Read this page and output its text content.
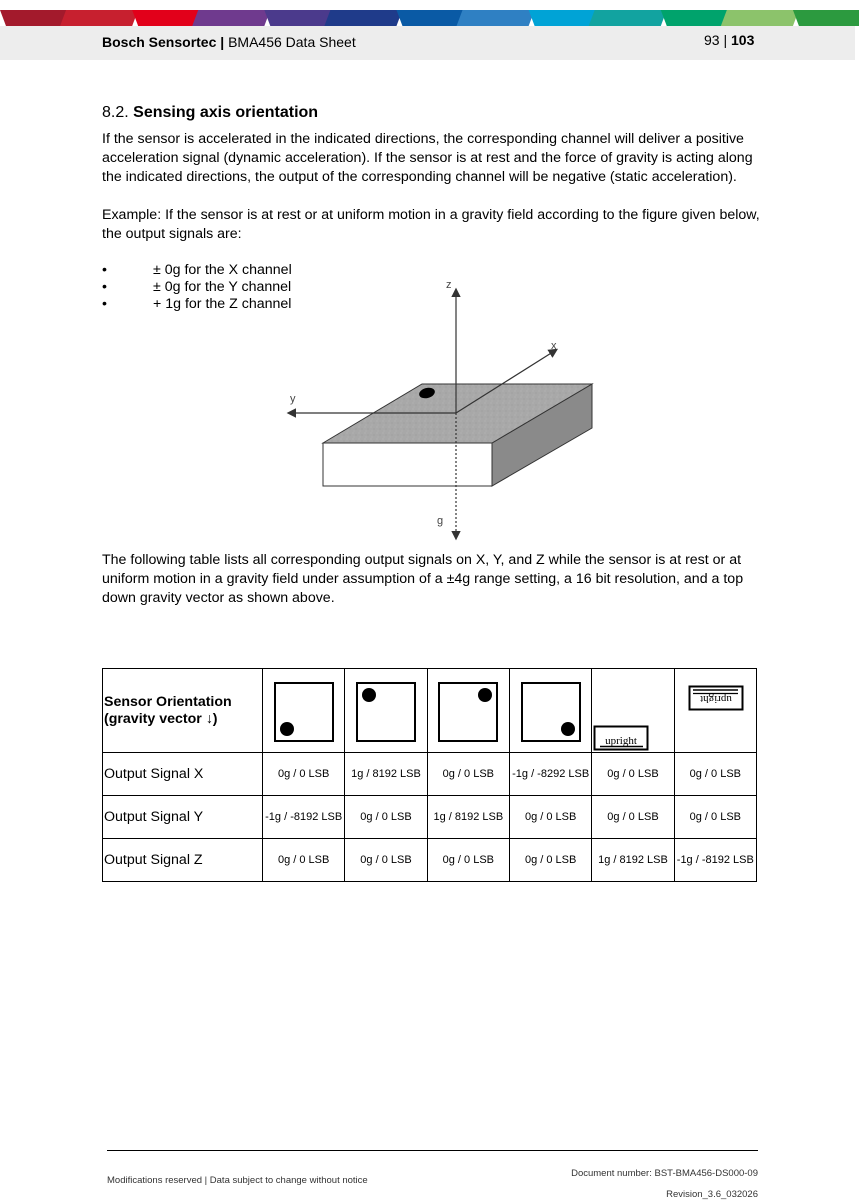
Bosch Sensortec | BMA456 Data Sheet	93 | 103
8.2. Sensing axis orientation

If the sensor is accelerated in the indicated directions, the corresponding channel will deliver a positive acceleration signal (dynamic acceleration). If the sensor is at rest and the force of gravity is acting along the indicated directions, the output of the corresponding channel will be negative (static acceleration).

Example: If the sensor is at rest or at uniform motion in a gravity field according to the figure given below, the output signals are:

•	± 0g for the X channel
•	± 0g for the Y channel
•	+ 1g for the Z channel
z
x
y
g

The following table lists all corresponding output signals on X, Y, and Z while the sensor is at rest or at uniform motion in a gravity field under assumption of a ±4g range setting, a 16 bit resolution, and a top down gravity vector as shown above.

Sensor Orientation
(gravity vector ↓)					upright	upright

Output Signal X	0g / 0 LSB	1g / 8192 LSB	0g / 0 LSB	-1g / -8292 LSB	0g / 0 LSB	0g / 0 LSB
Output Signal Y	-1g / -8192 LSB	0g / 0 LSB	1g / 8192 LSB	0g / 0 LSB	0g / 0 LSB	0g / 0 LSB
Output Signal Z	0g / 0 LSB	0g / 0 LSB	0g / 0 LSB	0g / 0 LSB	1g / 8192 LSB	-1g / -8192 LSB
Modifications reserved | Data subject to change without notice
Document number: BST-BMA456-DS000-09
Revision_3.6_032026
